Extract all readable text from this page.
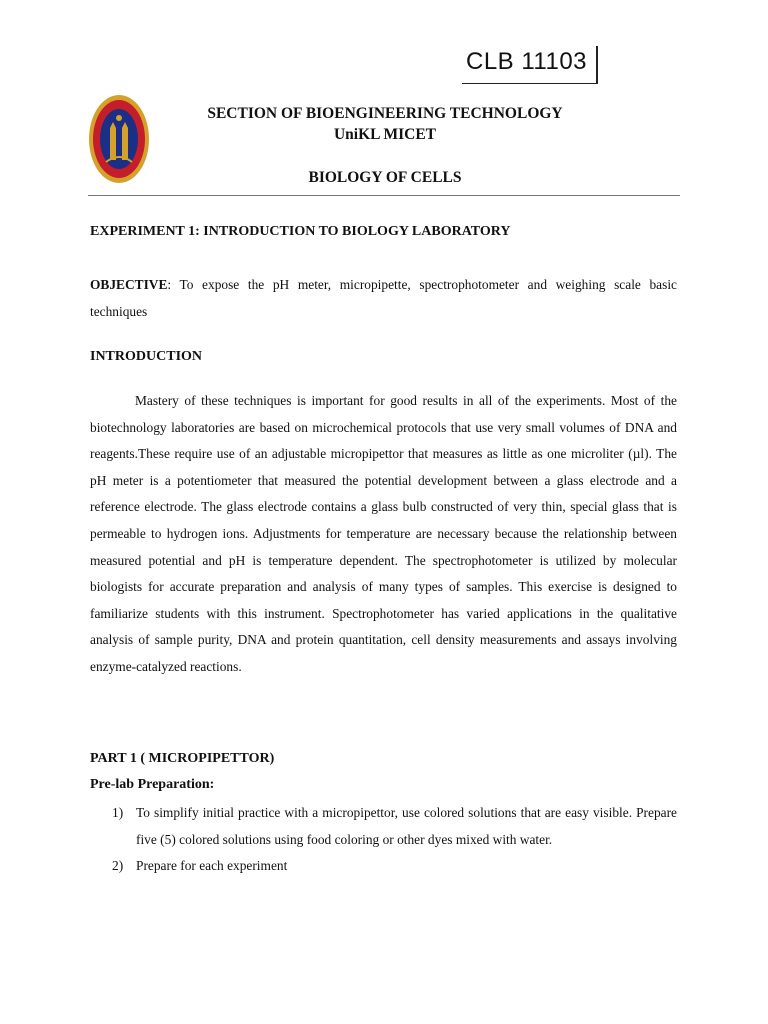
CLB 11103
SECTION OF BIOENGINEERING TECHNOLOGY
UniKL MICET
BIOLOGY OF CELLS
EXPERIMENT 1: INTRODUCTION TO BIOLOGY LABORATORY
OBJECTIVE: To expose the pH meter, micropipette, spectrophotometer and weighing scale basic techniques
INTRODUCTION
Mastery of these techniques is important for good results in all of the experiments. Most of the biotechnology laboratories are based on microchemical protocols that use very small volumes of DNA and reagents.These require use of an adjustable micropipettor that measures as little as one microliter (µl). The pH meter is a potentiometer that measured the potential development between a glass electrode and a reference electrode. The glass electrode contains a glass bulb constructed of very thin, special glass that is permeable to hydrogen ions. Adjustments for temperature are necessary because the relationship between measured potential and pH is temperature dependent. The spectrophotometer is utilized by molecular biologists for accurate preparation and analysis of many types of samples. This exercise is designed to familiarize students with this instrument. Spectrophotometer has varied applications in the qualitative analysis of sample purity, DNA and protein quantitation, cell density measurements and assays involving enzyme-catalyzed reactions.
PART 1 ( MICROPIPETTOR)
Pre-lab Preparation:
1) To simplify initial practice with a micropipettor, use colored solutions that are easy visible. Prepare five (5) colored solutions using food coloring or other dyes mixed with water.
2) Prepare for each experiment
